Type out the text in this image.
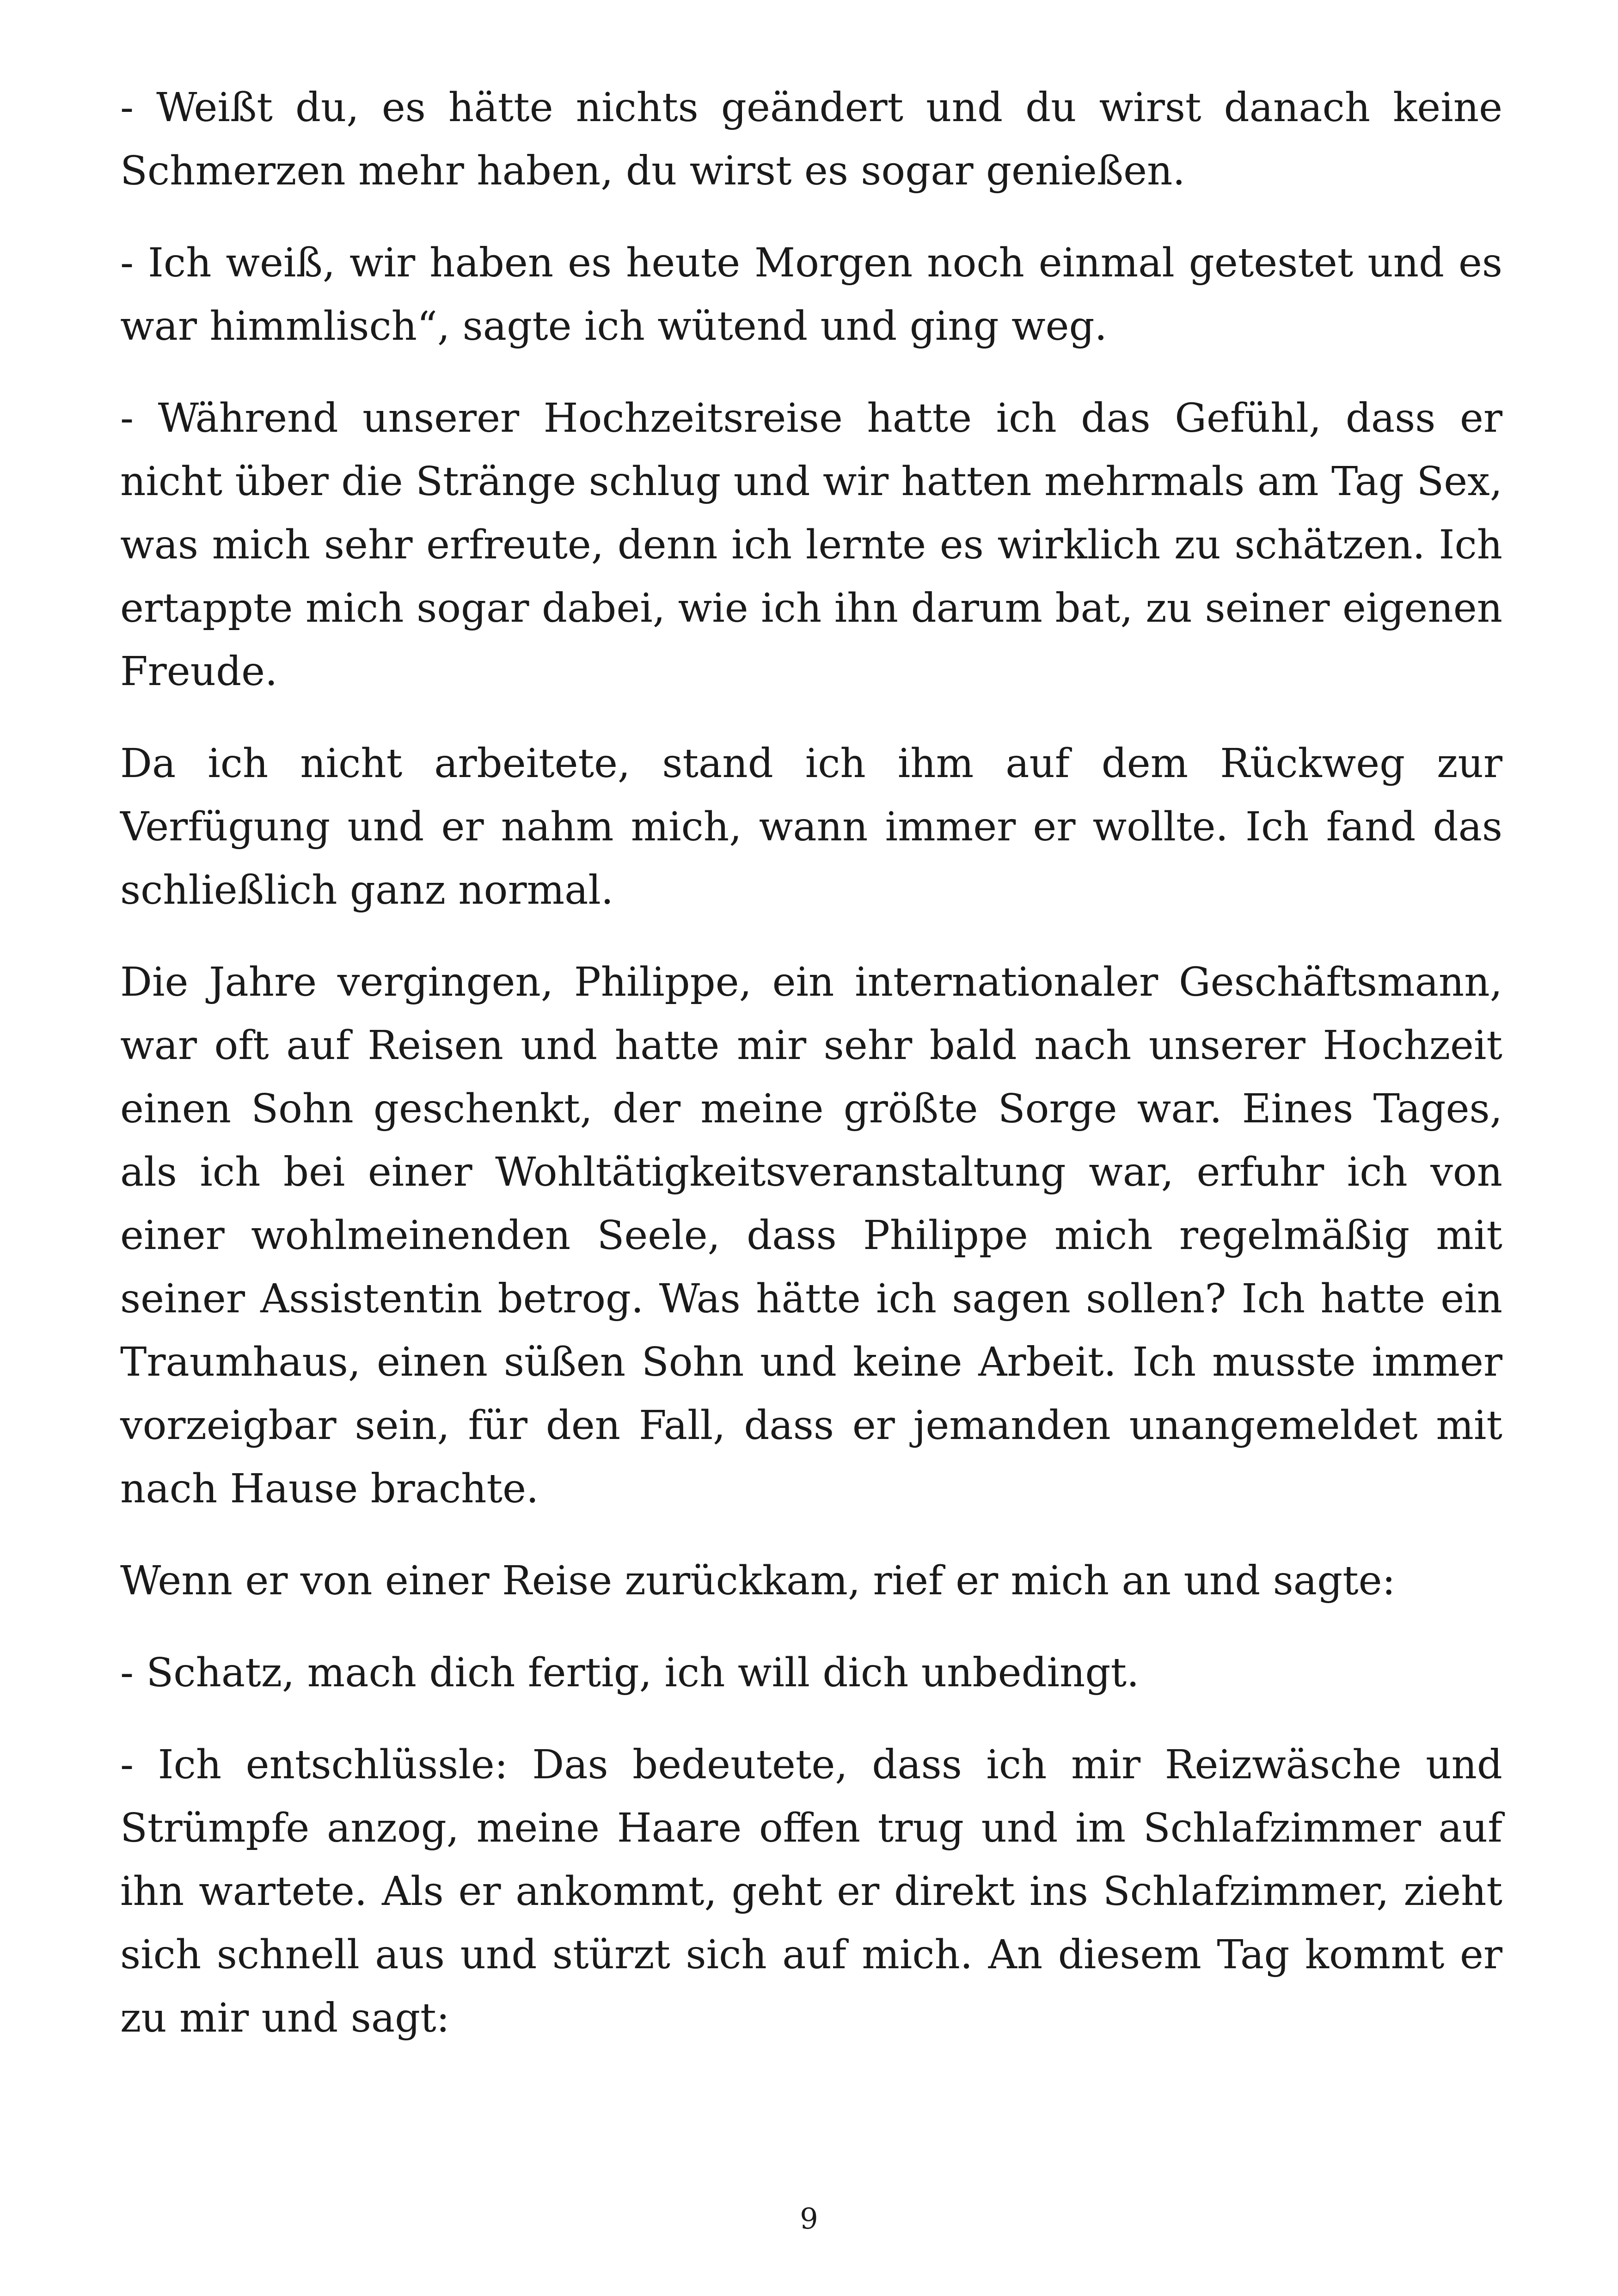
- Weißt du, es hätte nichts geändert und du wirst danach keine Schmerzen mehr haben, du wirst es sogar genießen.

- Ich weiß, wir haben es heute Morgen noch einmal getestet und es war himmlisch“, sagte ich wütend und ging weg.

- Während unserer Hochzeitsreise hatte ich das Gefühl, dass er nicht über die Stränge schlug und wir hatten mehrmals am Tag Sex, was mich sehr erfreute, denn ich lernte es wirklich zu schätzen. Ich ertappte mich sogar dabei, wie ich ihn darum bat, zu seiner eigenen Freude.

Da ich nicht arbeitete, stand ich ihm auf dem Rückweg zur Verfügung und er nahm mich, wann immer er wollte. Ich fand das schließlich ganz normal.

Die Jahre vergingen, Philippe, ein internationaler Geschäftsmann, war oft auf Reisen und hatte mir sehr bald nach unserer Hochzeit einen Sohn geschenkt, der meine größte Sorge war. Eines Tages, als ich bei einer Wohltätigkeitsveranstaltung war, erfuhr ich von einer wohlmeinenden Seele, dass Philippe mich regelmäßig mit seiner Assistentin betrog. Was hätte ich sagen sollen? Ich hatte ein Traumhaus, einen süßen Sohn und keine Arbeit. Ich musste immer vorzeigbar sein, für den Fall, dass er jemanden unangemeldet mit nach Hause brachte.

Wenn er von einer Reise zurückkam, rief er mich an und sagte:

- Schatz, mach dich fertig, ich will dich unbedingt.

- Ich entschlüssle: Das bedeutete, dass ich mir Reizwäsche und Strümpfe anzog, meine Haare offen trug und im Schlafzimmer auf ihn wartete. Als er ankommt, geht er direkt ins Schlafzimmer, zieht sich schnell aus und stürzt sich auf mich. An diesem Tag kommt er zu mir und sagt:

9
